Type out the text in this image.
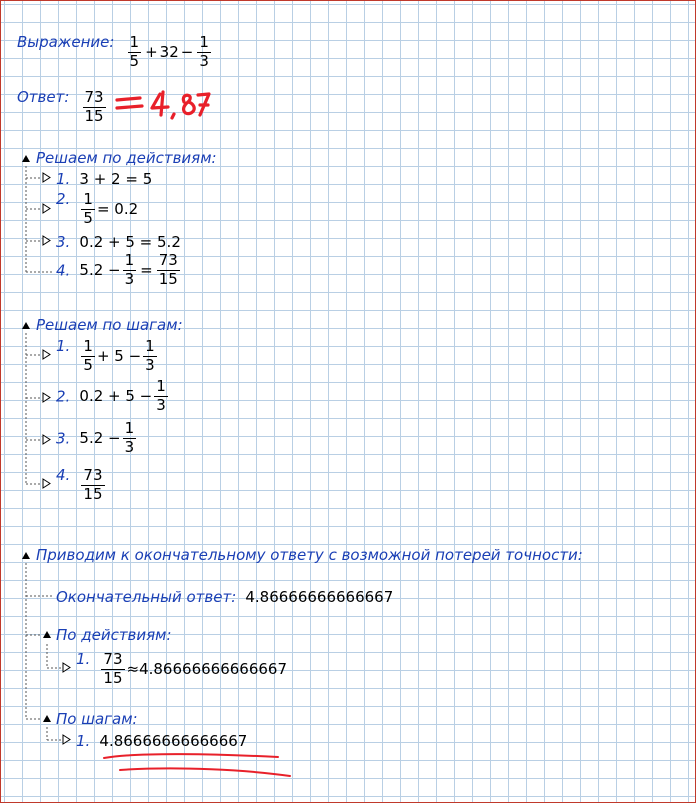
Выражение: $\frac{1}{5} + 32 - \frac{1}{3}$
Ответ: $\frac{73}{15}$
Решаем по действиям:
1. 3 + 2 = 5
2. $\frac{1}{5} = 0.2$
3. 0.2 + 5 = 5.2
4. $5.2 - \frac{1}{3} = \frac{73}{15}$
Решаем по шагам:
1. $\frac{1}{5} + 5 - \frac{1}{3}$
2. $0.2 + 5 - \frac{1}{3}$
3. $5.2 - \frac{1}{3}$
4. $\frac{73}{15}$
Приводим к окончательному ответу с возможной потерей точности:
Окончательный ответ: 4.86666666666667
По действиям:
1. $\frac{73}{15} \approx 4.86666666666667$
По шагам:
1. 4.86666666666667
